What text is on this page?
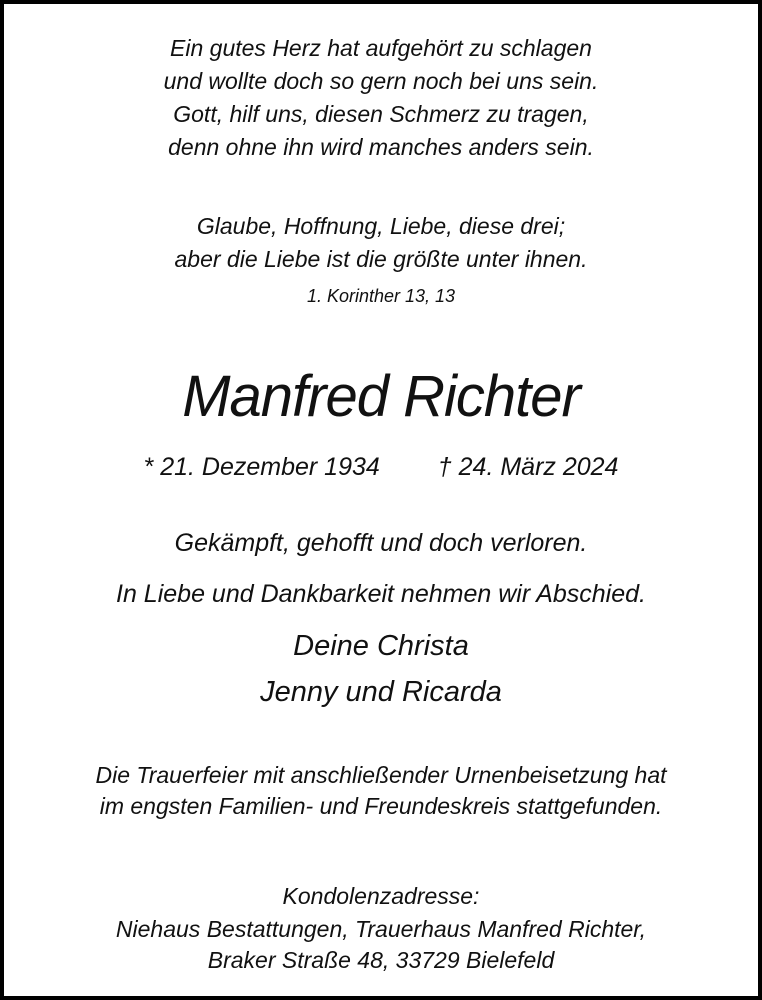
Ein gutes Herz hat aufgehört zu schlagen
und wollte doch so gern noch bei uns sein.
Gott, hilf uns, diesen Schmerz zu tragen,
denn ohne ihn wird manches anders sein.
Glaube, Hoffnung, Liebe, diese drei;
aber die Liebe ist die größte unter ihnen.
1. Korinther 13, 13
Manfred Richter
* 21. Dezember 1934 † 24. März 2024
Gekämpft, gehofft und doch verloren.
In Liebe und Dankbarkeit nehmen wir Abschied.
Deine Christa
Jenny und Ricarda
Die Trauerfeier mit anschließender Urnenbeisetzung hat
im engsten Familien- und Freundeskreis stattgefunden.
Kondolenzadresse:
Niehaus Bestattungen, Trauerhaus Manfred Richter,
Braker Straße 48, 33729 Bielefeld
